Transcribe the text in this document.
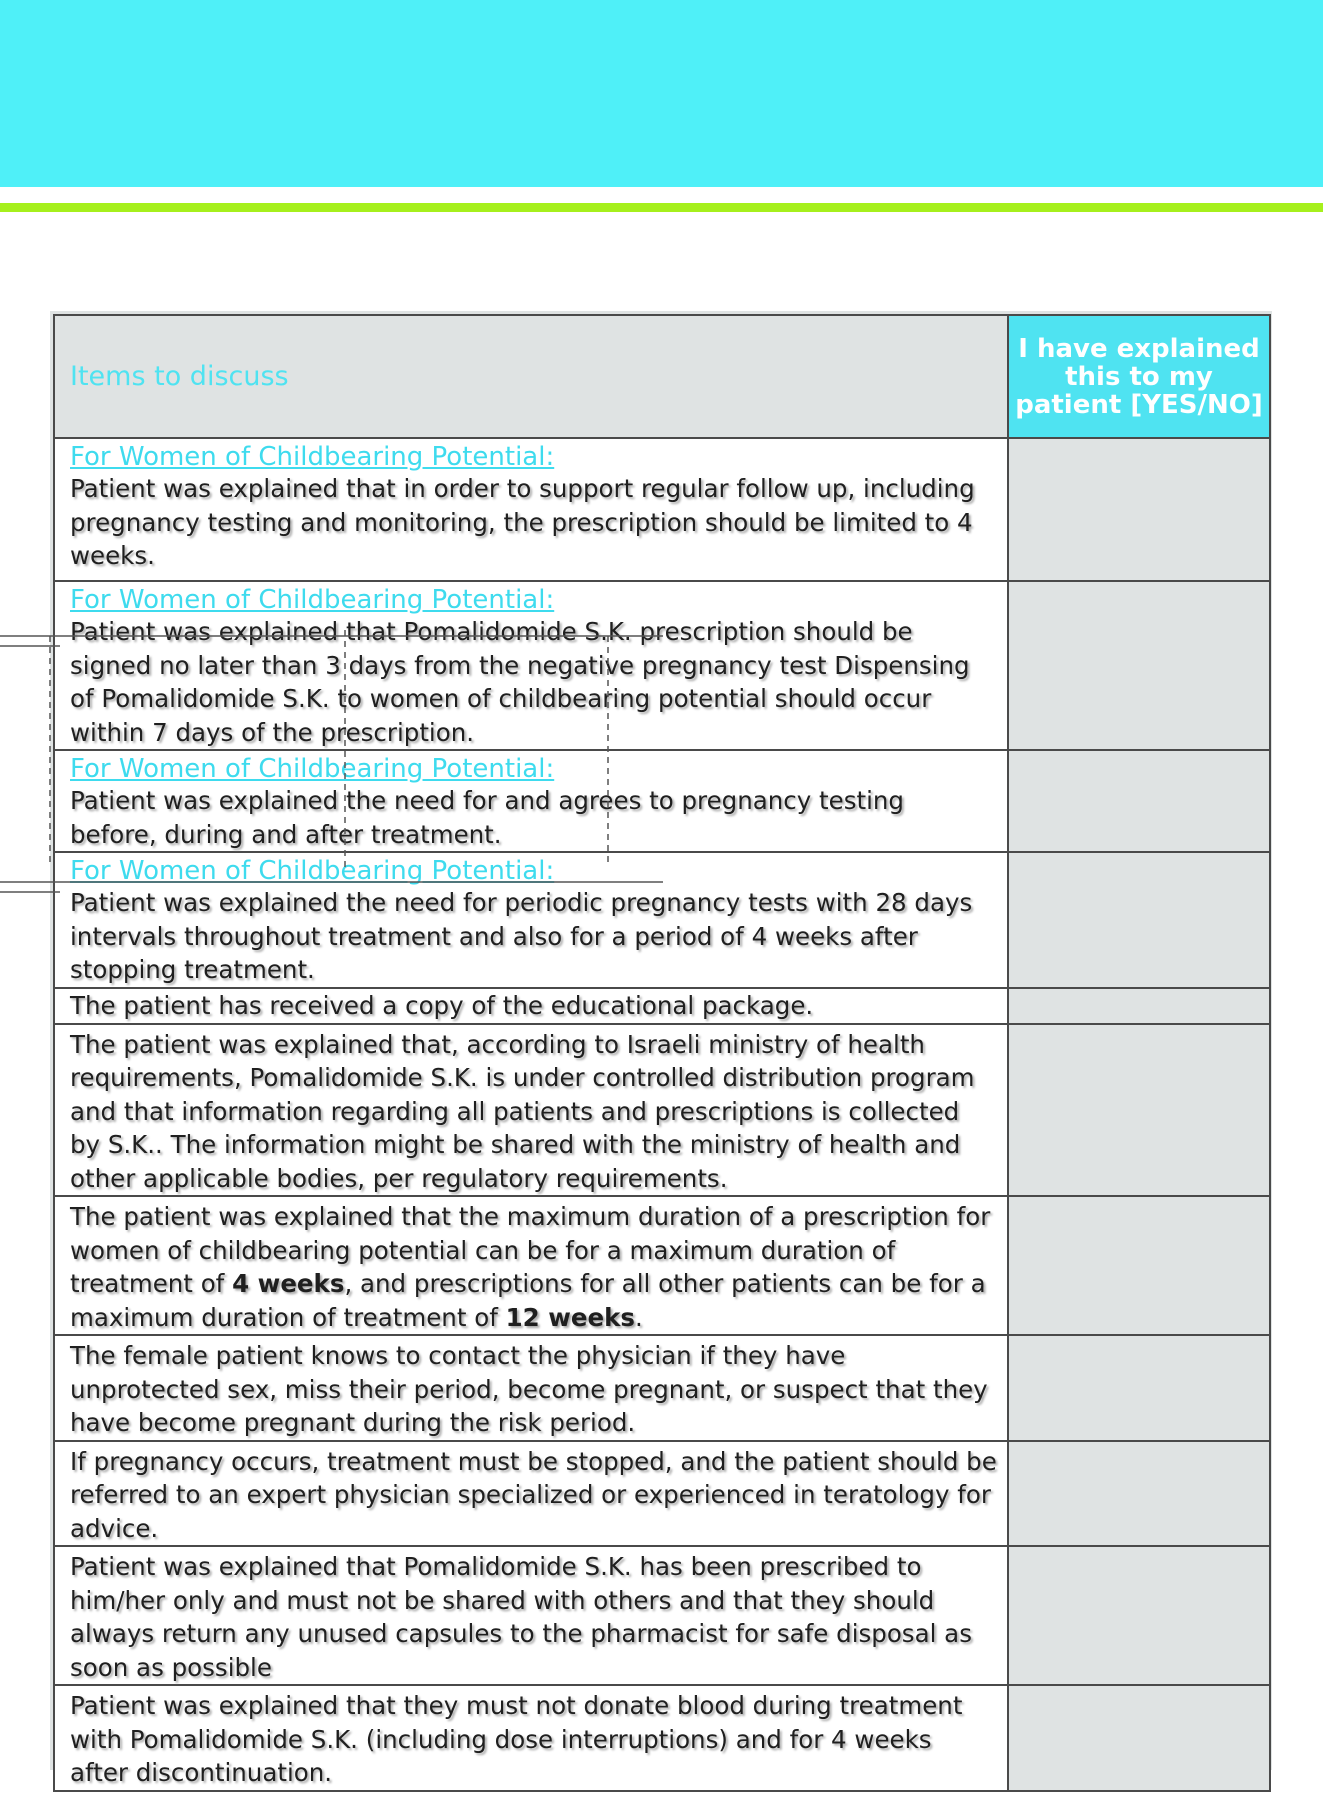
Items to discuss	I have explained this to my patient [YES/NO]

For Women of Childbearing Potential:
Patient was explained that in order to support regular follow up, including pregnancy testing and monitoring, the prescription should be limited to 4 weeks.	

For Women of Childbearing Potential:
Patient was explained that Pomalidomide S.K. prescription should be signed no later than 3 days from the negative pregnancy test Dispensing of Pomalidomide S.K. to women of childbearing potential should occur within 7 days of the prescription.	

For Women of Childbearing Potential:
Patient was explained the need for and agrees to pregnancy testing before, during and after treatment.	

For Women of Childbearing Potential:
Patient was explained the need for periodic pregnancy tests with 28 days intervals throughout treatment and also for a period of 4 weeks after stopping treatment.	

The patient has received a copy of the educational package.	

The patient was explained that, according to Israeli ministry of health requirements, Pomalidomide S.K. is under controlled distribution program and that information regarding all patients and prescriptions is collected by S.K.. The information might be shared with the ministry of health and other applicable bodies, per regulatory requirements.	

The patient was explained that the maximum duration of a prescription for women of childbearing potential can be for a maximum duration of treatment of 4 weeks, and prescriptions for all other patients can be for a maximum duration of treatment of 12 weeks.	

The female patient knows to contact the physician if they have unprotected sex, miss their period, become pregnant, or suspect that they have become pregnant during the risk period.	

If pregnancy occurs, treatment must be stopped, and the patient should be referred to an expert physician specialized or experienced in teratology for advice.	

Patient was explained that Pomalidomide S.K. has been prescribed to him/her only and must not be shared with others and that they should always return any unused capsules to the pharmacist for safe disposal as soon as possible	

Patient was explained that they must not donate blood during treatment with Pomalidomide S.K. (including dose interruptions) and for 4 weeks after discontinuation.	
